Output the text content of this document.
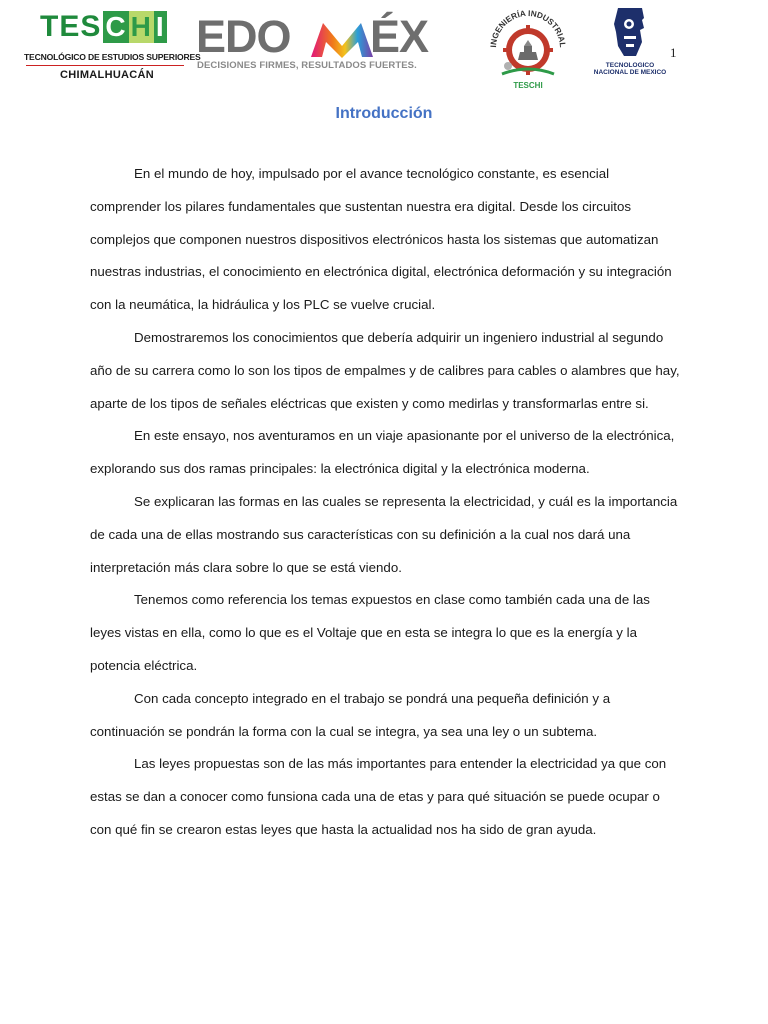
TES C H I
TECNOLÓGICO DE ESTUDIOS SUPERIORES
CHIMALHUACÁN
EDO ÉX
DECISIONES FIRMES, RESULTADOS FUERTES.
INGENIERÍA INDUSTRIAL
TESCHI
TECNOLOGICO
NACIONAL DE MEXICO
1
Introducción

En el mundo de hoy, impulsado por el avance tecnológico constante, es esencial comprender los pilares fundamentales que sustentan nuestra era digital. Desde los circuitos complejos que componen nuestros dispositivos electrónicos hasta los sistemas que automatizan nuestras industrias, el conocimiento en electrónica digital, electrónica deformación y su integración con la neumática, la hidráulica y los PLC se vuelve crucial.

Demostraremos los conocimientos que debería adquirir un ingeniero industrial al segundo año de su carrera como lo son los tipos de empalmes y de calibres para cables o alambres que hay, aparte de los tipos de señales eléctricas que existen y como medirlas y transformarlas entre si.

En este ensayo, nos aventuramos en un viaje apasionante por el universo de la electrónica, explorando sus dos ramas principales: la electrónica digital y la electrónica moderna.

Se explicaran las formas en las cuales se representa la electricidad, y cuál es la importancia de cada una de ellas mostrando sus características con su definición a la cual nos dará una interpretación más clara sobre lo que se está viendo.

Tenemos como referencia los temas expuestos en clase como también cada una de las leyes vistas en ella, como lo que es el Voltaje que en esta se integra lo que es la energía y la potencia eléctrica.

Con cada concepto integrado en el trabajo se pondrá una pequeña definición y a continuación se pondrán la forma con la cual se integra, ya sea una ley o un subtema.

Las leyes propuestas son de las más importantes para entender la electricidad ya que con estas se dan a conocer como funsiona cada una de etas y para qué situación se puede ocupar o con qué fin se crearon estas leyes que hasta la actualidad nos ha sido de gran ayuda.
